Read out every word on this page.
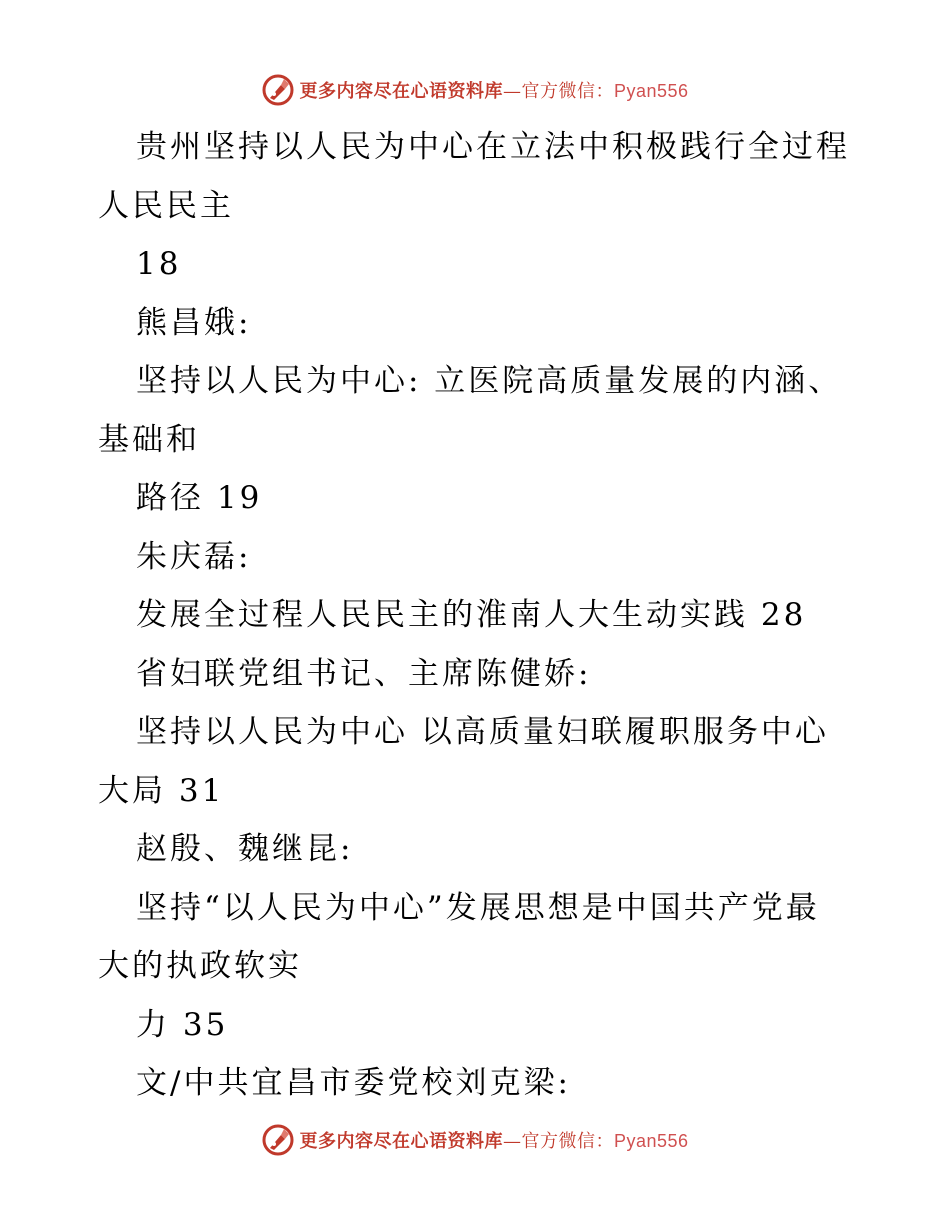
更多内容尽在心语资料库—官方微信：Pyan556
贵州坚持以人民为中心在立法中积极践行全过程
人民民主
18
熊昌娥:
坚持以人民为中心: 立医院高质量发展的内涵、
基础和
路径 19
朱庆磊:
发展全过程人民民主的淮南人大生动实践 28
省妇联党组书记、主席陈健娇:
坚持以人民为中心 以高质量妇联履职服务中心
大局 31
赵殷、魏继昆:
坚持“以人民为中心”发展思想是中国共产党最
大的执政软实
力 35
文/中共宜昌市委党校刘克梁:
更多内容尽在心语资料库—官方微信：Pyan556
